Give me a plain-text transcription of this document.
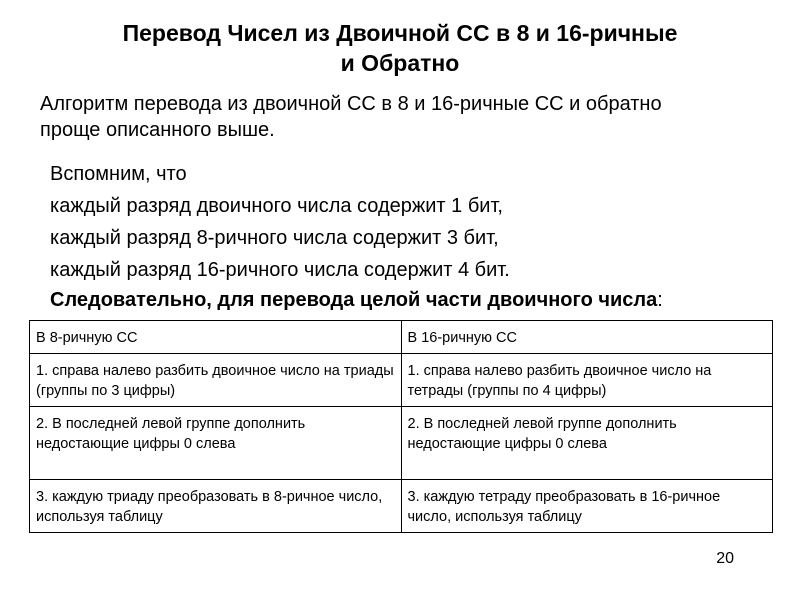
Перевод Чисел из Двоичной СС в 8 и 16-ричные
и Обратно

Алгоритм перевода из двоичной СС в 8 и 16-ричные СС и обратно
проще описанного выше.

Вспомним, что
каждый разряд двоичного числа содержит 1 бит,
каждый разряд 8-ричного числа содержит 3 бит,
каждый разряд 16-ричного числа содержит 4 бит.

Следовательно, для перевода целой части двоичного числа:

В 8-ричную СС	В 16-ричную СС
1. справа налево разбить двоичное число на триады (группы по 3 цифры)	1. справа налево разбить двоичное число на тетрады (группы по 4 цифры)
2. В последней левой группе дополнить недостающие цифры 0 слева	2. В последней левой группе дополнить недостающие цифры 0 слева
3. каждую триаду преобразовать в 8-ричное число, используя таблицу	3. каждую тетраду преобразовать в 16-ричное число, используя таблицу
20
